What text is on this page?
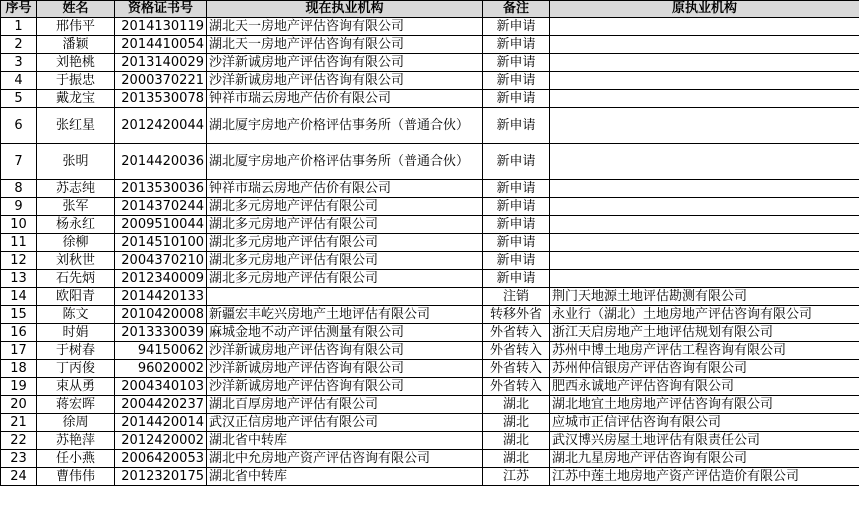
序号	姓名	资格证书号	现在执业机构	备注	原执业机构
1	邢伟平	2014130119	湖北天一房地产评估咨询有限公司	新申请	
2	潘颖	2014410054	湖北天一房地产评估咨询有限公司	新申请	
3	刘艳桃	2013140029	沙洋新诚房地产评估咨询有限公司	新申请	
4	于振忠	2000370221	沙洋新诚房地产评估咨询有限公司	新申请	
5	戴龙宝	2013530078	钟祥市瑞云房地产估价有限公司	新申请	
6	张红星	2012420044	湖北厦宇房地产价格评估事务所（普通合伙）	新申请	
7	张明	2014420036	湖北厦宇房地产价格评估事务所（普通合伙）	新申请	
8	苏志纯	2013530036	钟祥市瑞云房地产估价有限公司	新申请	
9	张军	2014370244	湖北多元房地产评估有限公司	新申请	
10	杨永红	2009510044	湖北多元房地产评估有限公司	新申请	
11	徐柳	2014510100	湖北多元房地产评估有限公司	新申请	
12	刘秋世	2004370210	湖北多元房地产评估有限公司	新申请	
13	石先炳	2012340009	湖北多元房地产评估有限公司	新申请	
14	欧阳青	2014420133		注销	荆门天地源土地评估勘测有限公司
15	陈文	2010420008	新疆宏丰屹兴房地产土地评估有限公司	转移外省	永业行（湖北）土地房地产评估咨询有限公司
16	时娟	2013330039	麻城金地不动产评估测量有限公司	外省转入	浙江天启房地产土地评估规划有限公司
17	于树春	94150062	沙洋新诚房地产评估咨询有限公司	外省转入	苏州中博土地房产评估工程咨询有限公司
18	丁丙俊	96020002	沙洋新诚房地产评估咨询有限公司	外省转入	苏州仲信银房产评估咨询有限公司
19	束从勇	2004340103	沙洋新诚房地产评估咨询有限公司	外省转入	肥西永诚地产评估咨询有限公司
20	蒋宏晖	2004420237	湖北百厚房地产评估有限公司	湖北	湖北地宜土地房地产评估咨询有限公司
21	徐周	2014420014	武汉正信房地产评估有限公司	湖北	应城市正信评估咨询有限公司
22	苏艳萍	2012420002	湖北省中转库	湖北	武汉博兴房屋土地评估有限责任公司
23	任小燕	2006420053	湖北中允房地产资产评估咨询有限公司	湖北	湖北九星房地产评估咨询有限公司
24	曹伟伟	2012320175	湖北省中转库	江苏	江苏中莲土地房地产资产评估造价有限公司
